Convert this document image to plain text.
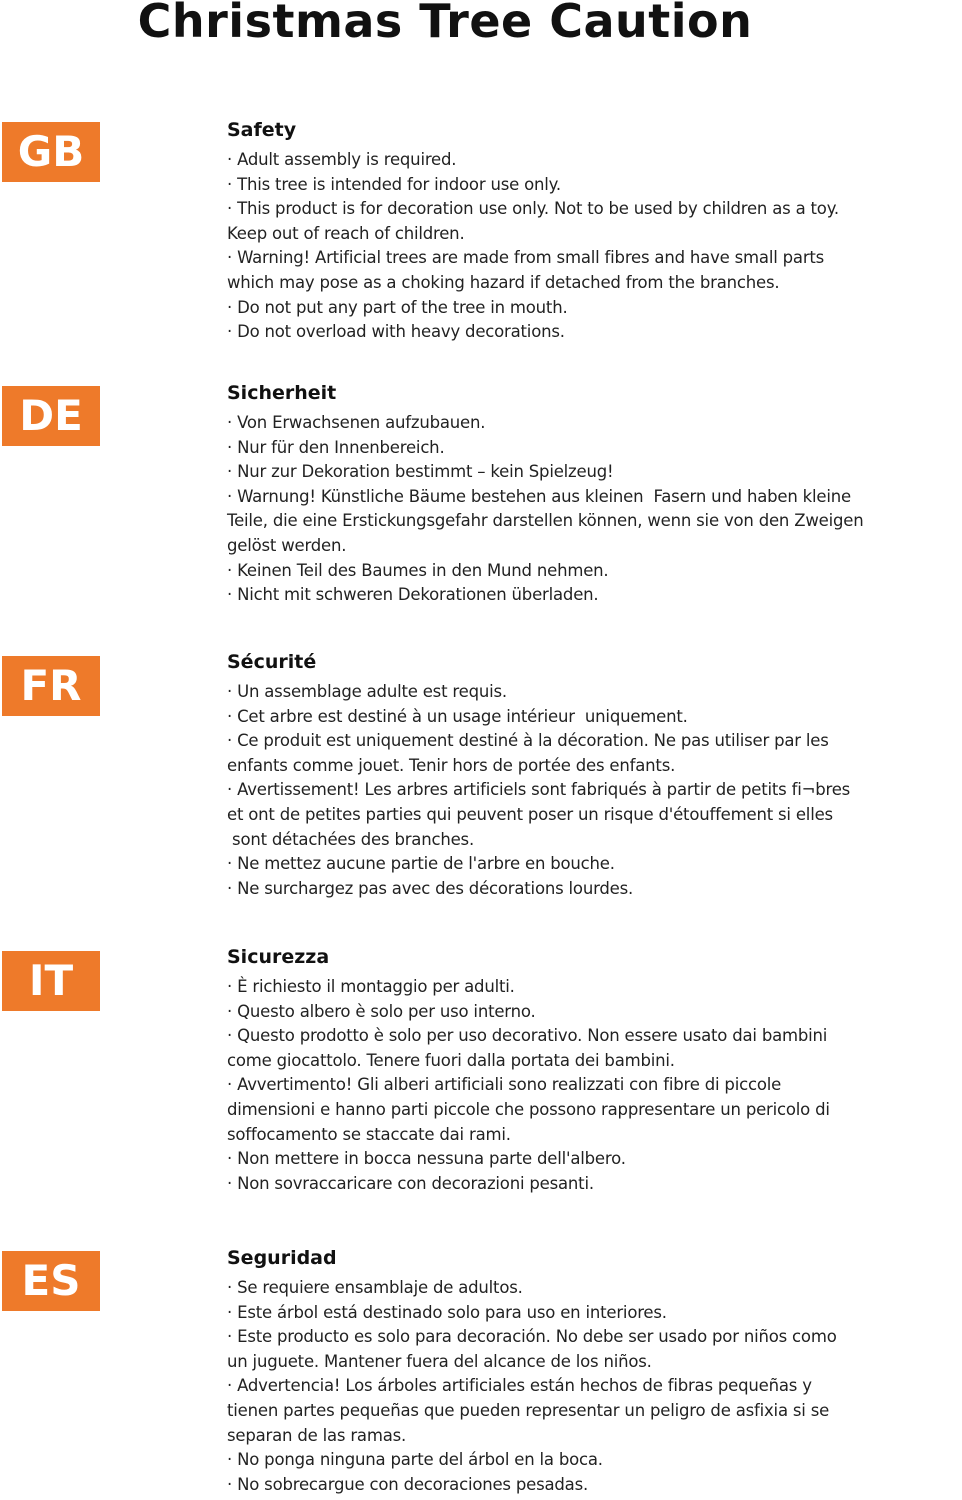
Christmas Tree Caution
GB	Safety
· Adult assembly is required.
· This tree is intended for indoor use only.
· This product is for decoration use only. Not to be used by children as a toy.
Keep out of reach of children.
· Warning! Artificial trees are made from small fibres and have small parts
which may pose as a choking hazard if detached from the branches.
· Do not put any part of the tree in mouth.
· Do not overload with heavy decorations.
DE	Sicherheit
· Von Erwachsenen aufzubauen.
· Nur für den Innenbereich.
· Nur zur Dekoration bestimmt – kein Spielzeug!
· Warnung! Künstliche Bäume bestehen aus kleinen  Fasern und haben kleine
Teile, die eine Erstickungsgefahr darstellen können, wenn sie von den Zweigen
gelöst werden.
· Keinen Teil des Baumes in den Mund nehmen.
· Nicht mit schweren Dekorationen überladen.
FR	Sécurité
· Un assemblage adulte est requis.
· Cet arbre est destiné à un usage intérieur  uniquement.
· Ce produit est uniquement destiné à la décoration. Ne pas utiliser par les
enfants comme jouet. Tenir hors de portée des enfants.
· Avertissement! Les arbres artificiels sont fabriqués à partir de petits fi¬bres
et ont de petites parties qui peuvent poser un risque d'étouffement si elles
sont détachées des branches.
· Ne mettez aucune partie de l'arbre en bouche.
· Ne surchargez pas avec des décorations lourdes.
IT	Sicurezza
· È richiesto il montaggio per adulti.
· Questo albero è solo per uso interno.
· Questo prodotto è solo per uso decorativo. Non essere usato dai bambini
come giocattolo. Tenere fuori dalla portata dei bambini.
· Avvertimento! Gli alberi artificiali sono realizzati con fibre di piccole
dimensioni e hanno parti piccole che possono rappresentare un pericolo di
soffocamento se staccate dai rami.
· Non mettere in bocca nessuna parte dell'albero.
· Non sovraccaricare con decorazioni pesanti.
ES	Seguridad
· Se requiere ensamblaje de adultos.
· Este árbol está destinado solo para uso en interiores.
· Este producto es solo para decoración. No debe ser usado por niños como
un juguete. Mantener fuera del alcance de los niños.
· Advertencia! Los árboles artificiales están hechos de fibras pequeñas y
tienen partes pequeñas que pueden representar un peligro de asfixia si se
separan de las ramas.
· No ponga ninguna parte del árbol en la boca.
· No sobrecargue con decoraciones pesadas.
